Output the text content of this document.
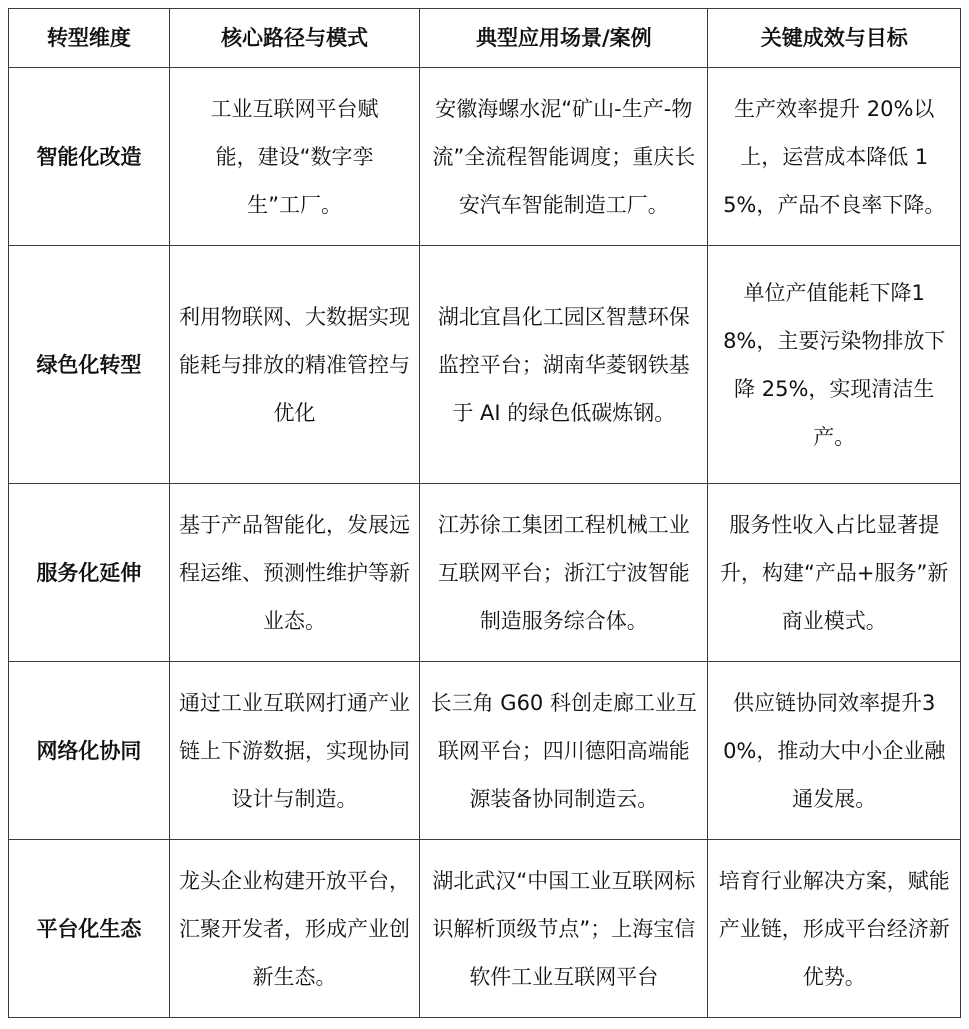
转型维度	核心路径与模式	典型应用场景/案例	关键成效与目标
智能化改造	工业互联网平台赋能，建设“数字孪生”工厂。	安徽海螺水泥“矿山-生产-物流”全流程智能调度；重庆长安汽车智能制造工厂。	生产效率提升 20%以上，运营成本降低 15%，产品不良率下降。
绿色化转型	利用物联网、大数据实现能耗与排放的精准管控与优化	湖北宜昌化工园区智慧环保监控平台；湖南华菱钢铁基于 AI 的绿色低碳炼钢。	单位产值能耗下降18%，主要污染物排放下降 25%，实现清洁生产。
服务化延伸	基于产品智能化，发展远程运维、预测性维护等新业态。	江苏徐工集团工程机械工业互联网平台；浙江宁波智能制造服务综合体。	服务性收入占比显著提升，构建“产品+服务”新商业模式。
网络化协同	通过工业互联网打通产业链上下游数据，实现协同设计与制造。	长三角 G60 科创走廊工业互联网平台；四川德阳高端能源装备协同制造云。	供应链协同效率提升30%，推动大中小企业融通发展。
平台化生态	龙头企业构建开放平台，汇聚开发者，形成产业创新生态。	湖北武汉“中国工业互联网标识解析顶级节点”；上海宝信软件工业互联网平台	培育行业解决方案，赋能产业链，形成平台经济新优势。
